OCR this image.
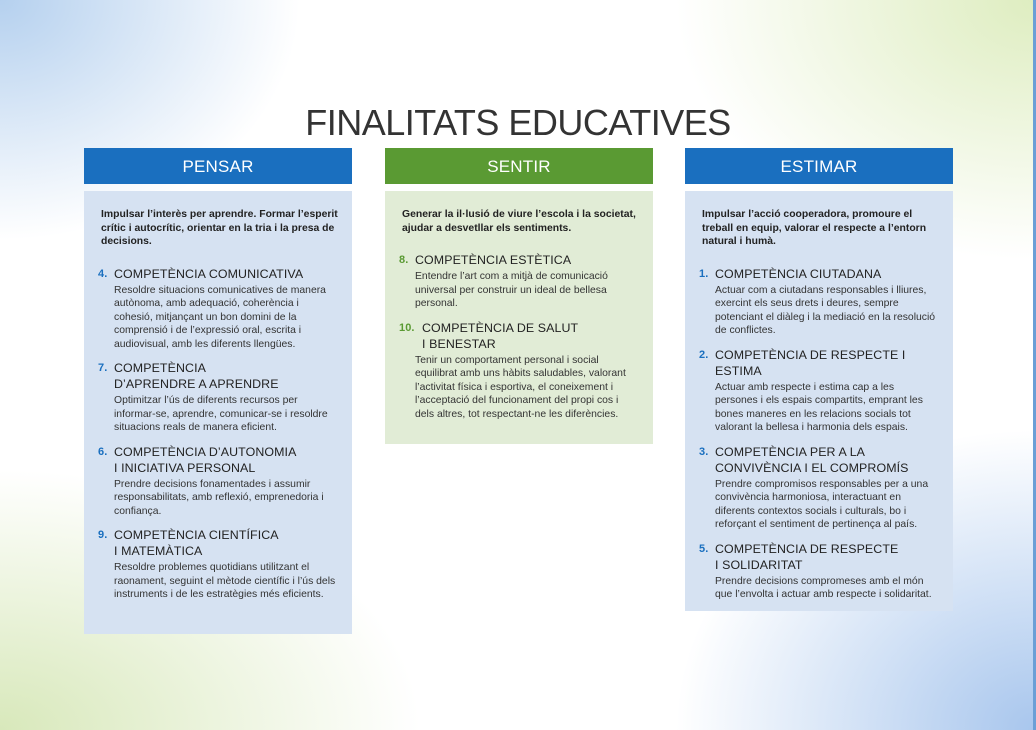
FINALITATS EDUCATIVES
PENSAR

Impulsar l’interès per aprendre. Formar l’esperit crític i autocrític, orientar en la tria i la presa de decisions.

4. COMPETÈNCIA COMUNICATIVA
Resoldre situacions comunicatives de manera autònoma, amb adequació, coherència i cohesió, mitjançant un bon domini de la comprensió i de l’expressió oral, escrita i audiovisual, amb les diferents llengües.
7. COMPETÈNCIA D’APRENDRE A APRENDRE
Optimitzar l’ús de diferents recursos per informar-se, aprendre, comunicar-se i resoldre situacions reals de manera eficient.
6. COMPETÈNCIA D’AUTONOMIA I INICIATIVA PERSONAL
Prendre decisions fonamentades i assumir responsabilitats, amb reflexió, emprenedoria i confiança.
9. COMPETÈNCIA CIENTÍFICA I MATEMÀTICA
Resoldre problemes quotidians utilitzant el raonament, seguint el mètode científic i l’ús dels instruments i de les estratègies més eficients.
SENTIR

Generar la il·lusió de viure l’escola i la societat, ajudar a desvetllar els sentiments.

8. COMPETÈNCIA ESTÈTICA
Entendre l’art com a mitjà de comunicació universal per construir un ideal de bellesa personal.
10. COMPETÈNCIA DE SALUT I BENESTAR
Tenir un comportament personal i social equilibrat amb uns hàbits saludables, valorant l’activitat física i esportiva, el coneixement i l’acceptació del funcionament del propi cos i dels altres, tot respectant-ne les diferències.
ESTIMAR

Impulsar l’acció cooperadora, promoure el treball en equip, valorar el respecte a l’entorn natural i humà.

1. COMPETÈNCIA CIUTADANA
Actuar com a ciutadans responsables i lliures, exercint els seus drets i deures, sempre potenciant el diàleg i la mediació en la resolució de conflictes.
2. COMPETÈNCIA DE RESPECTE I ESTIMA
Actuar amb respecte i estima cap a les persones i els espais compartits, emprant les bones maneres en les relacions socials tot valorant la bellesa i harmonia dels espais.
3. COMPETÈNCIA PER A LA CONVIVÈNCIA I EL COMPROMÍS
Prendre compromisos responsables per a una convivència harmoniosa, interactuant en diferents contextos socials i culturals, bo i reforçant el sentiment de pertinença al país.
5. COMPETÈNCIA DE RESPECTE I SOLIDARITAT
Prendre decisions compromeses amb el món que l’envolta i actuar amb respecte i solidaritat.
